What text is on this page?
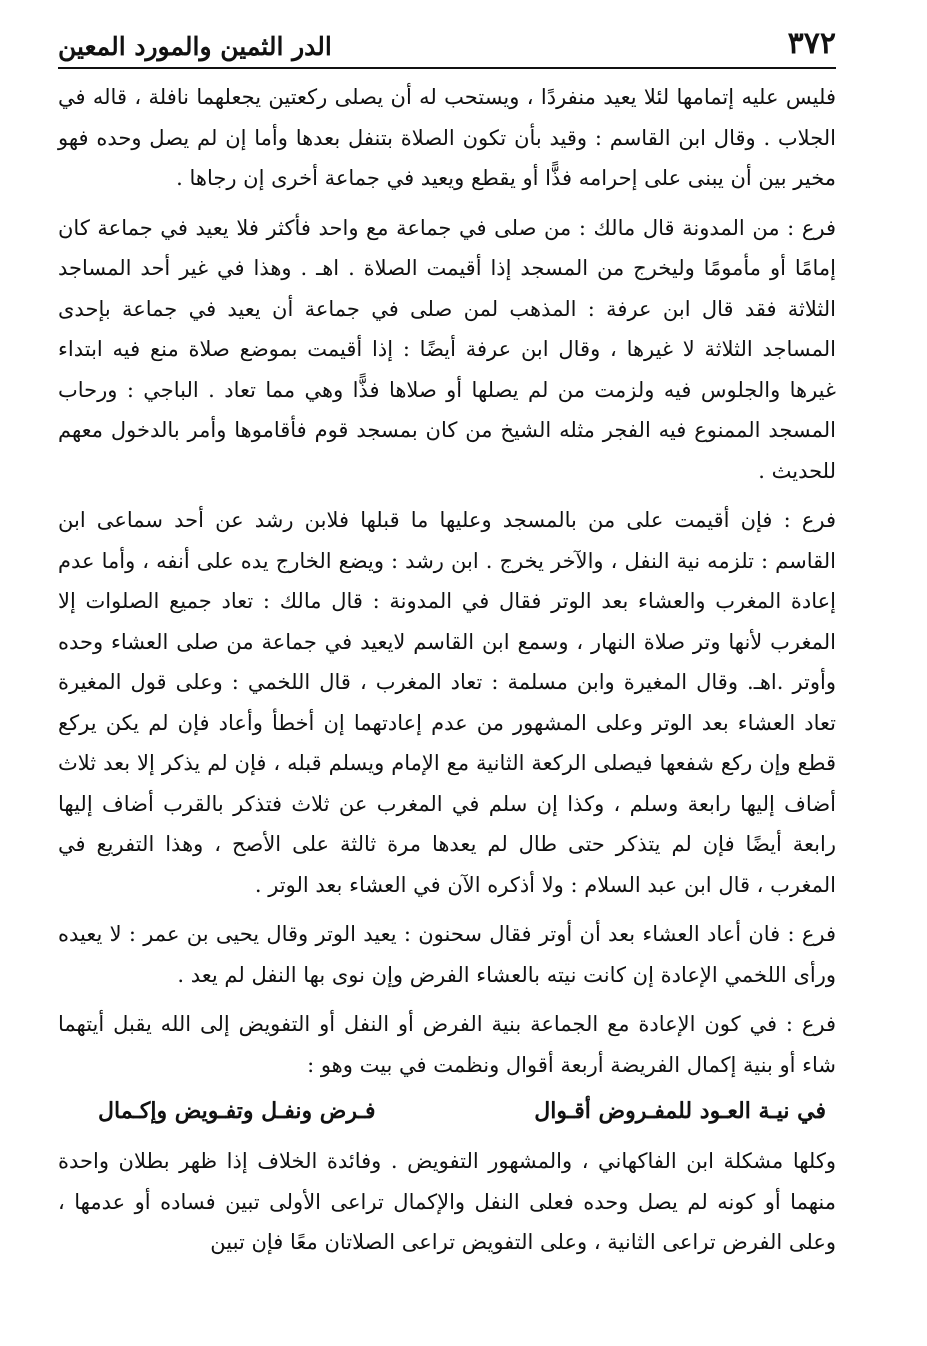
٣٧٢
الدر الثمين والمورد المعين

فليس عليه إتمامها لئلا يعيد منفردًا ، ويستحب له أن يصلى ركعتين يجعلهما نافلة ، قاله في الجلاب . وقال ابن القاسم : وقيد بأن تكون الصلاة بتنفل بعدها وأما إن لم يصل وحده فهو مخير بين أن يبنى على إحرامه فذًّا أو يقطع ويعيد في جماعة أخرى إن رجاها .

فرع : من المدونة قال مالك : من صلى في جماعة مع واحد فأكثر فلا يعيد في جماعة كان إمامًا أو مأمومًا وليخرج من المسجد إذا أقيمت الصلاة . اهـ . وهذا في غير أحد المساجد الثلاثة فقد قال ابن عرفة : المذهب لمن صلى في جماعة أن يعيد في جماعة بإحدى المساجد الثلاثة لا غيرها ، وقال ابن عرفة أيضًا : إذا أقيمت بموضع صلاة منع فيه ابتداء غيرها والجلوس فيه ولزمت من لم يصلها أو صلاها فذًّا وهي مما تعاد . الباجي : ورحاب المسجد الممنوع فيه الفجر مثله الشيخ من كان بمسجد قوم فأقاموها وأمر بالدخول معهم للحديث .

فرع : فإن أقيمت على من بالمسجد وعليها ما قبلها فلابن رشد عن أحد سماعى ابن القاسم : تلزمه نية النفل ، والآخر يخرج . ابن رشد : ويضع الخارج يده على أنفه ، وأما عدم إعادة المغرب والعشاء بعد الوتر فقال في المدونة : قال مالك : تعاد جميع الصلوات إلا المغرب لأنها وتر صلاة النهار ، وسمع ابن القاسم لايعيد في جماعة من صلى العشاء وحده وأوتر .اهـ. وقال المغيرة وابن مسلمة : تعاد المغرب ، قال اللخمي : وعلى قول المغيرة تعاد العشاء بعد الوتر وعلى المشهور من عدم إعادتهما إن أخطأ وأعاد فإن لم يكن يركع قطع وإن ركع شفعها فيصلى الركعة الثانية مع الإمام ويسلم قبله ، فإن لم يذكر إلا بعد ثلاث أضاف إليها رابعة وسلم ، وكذا إن سلم في المغرب عن ثلاث فتذكر بالقرب أضاف إليها رابعة أيضًا فإن لم يتذكر حتى طال لم يعدها مرة ثالثة على الأصح ، وهذا التفريع في المغرب ، قال ابن عبد السلام : ولا أذكره الآن في العشاء بعد الوتر .

فرع : فان أعاد العشاء بعد أن أوتر فقال سحنون : يعيد الوتر وقال يحيى بن عمر : لا يعيده ورأى اللخمي الإعادة إن كانت نيته بالعشاء الفرض وإن نوى بها النفل لم يعد .

فرع : في كون الإعادة مع الجماعة بنية الفرض أو النفل أو التفويض إلى الله يقبل أيتهما شاء أو بنية إكمال الفريضة أربعة أقوال ونظمت في بيت وهو :

في نيـة العـود للمفـروض أقـوال
فـرض ونفـل وتفـويض وإكـمال

وكلها مشكلة ابن الفاكهاني ، والمشهور التفويض . وفائدة الخلاف إذا ظهر بطلان واحدة منهما أو كونه لم يصل وحده فعلى النفل والإكمال تراعى الأولى تبين فساده أو عدمها ، وعلى الفرض تراعى الثانية ، وعلى التفويض تراعى الصلاتان معًا فإن تبين
